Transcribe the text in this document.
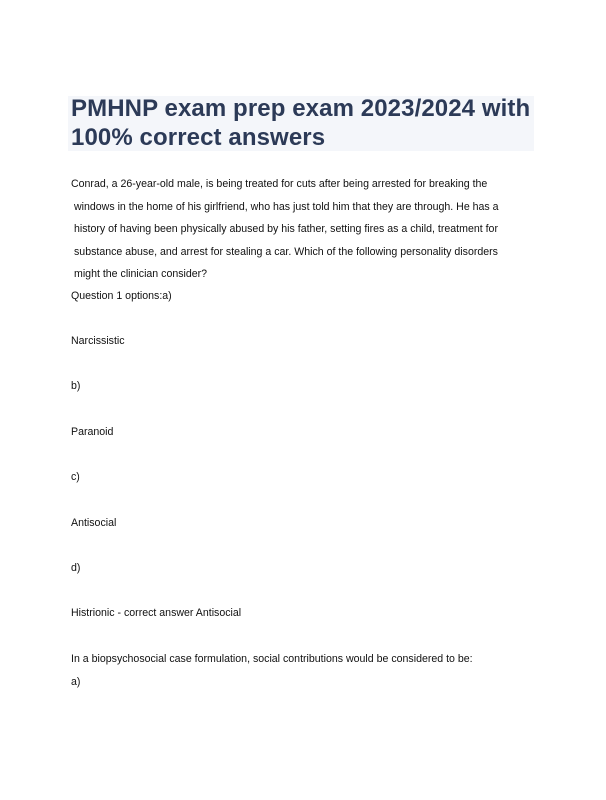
PMHNP exam prep exam 2023/2024 with
100% correct answers
Conrad, a 26-year-old male, is being treated for cuts after being arrested for breaking the
windows in the home of his girlfriend, who has just told him that they are through. He has a
history of having been physically abused by his father, setting fires as a child, treatment for
substance abuse, and arrest for stealing a car. Which of the following personality disorders
might the clinician consider?
Question 1 options:a)
Narcissistic
b)
Paranoid
c)
Antisocial
d)
Histrionic - correct answer Antisocial
In a biopsychosocial case formulation, social contributions would be considered to be:
a)
